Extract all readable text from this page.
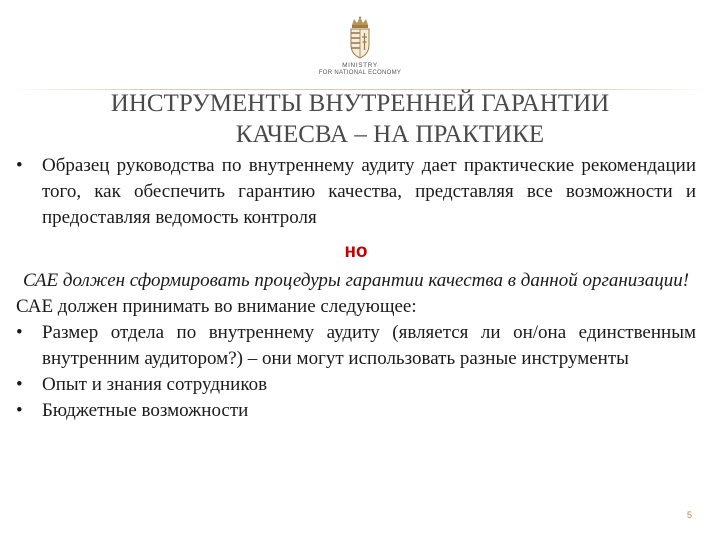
MINISTRY
FOR NATIONAL ECONOMY
ИНСТРУМЕНТЫ ВНУТРЕННЕЙ ГАРАНТИИ
КАЧЕСВА – НА ПРАКТИКЕ
• Образец руководства по внутреннему аудиту дает практические рекомендации того, как обеспечить гарантию качества, представляя все возможности и предоставляя ведомость контроля
но
САЕ должен сформировать процедуры гарантии качества в данной организации!
САЕ должен принимать во внимание следующее:
• Размер отдела по внутреннему аудиту (является ли он/она единственным внутренним аудитором?) – они могут использовать разные инструменты
• Опыт и знания сотрудников
• Бюджетные возможности
5
